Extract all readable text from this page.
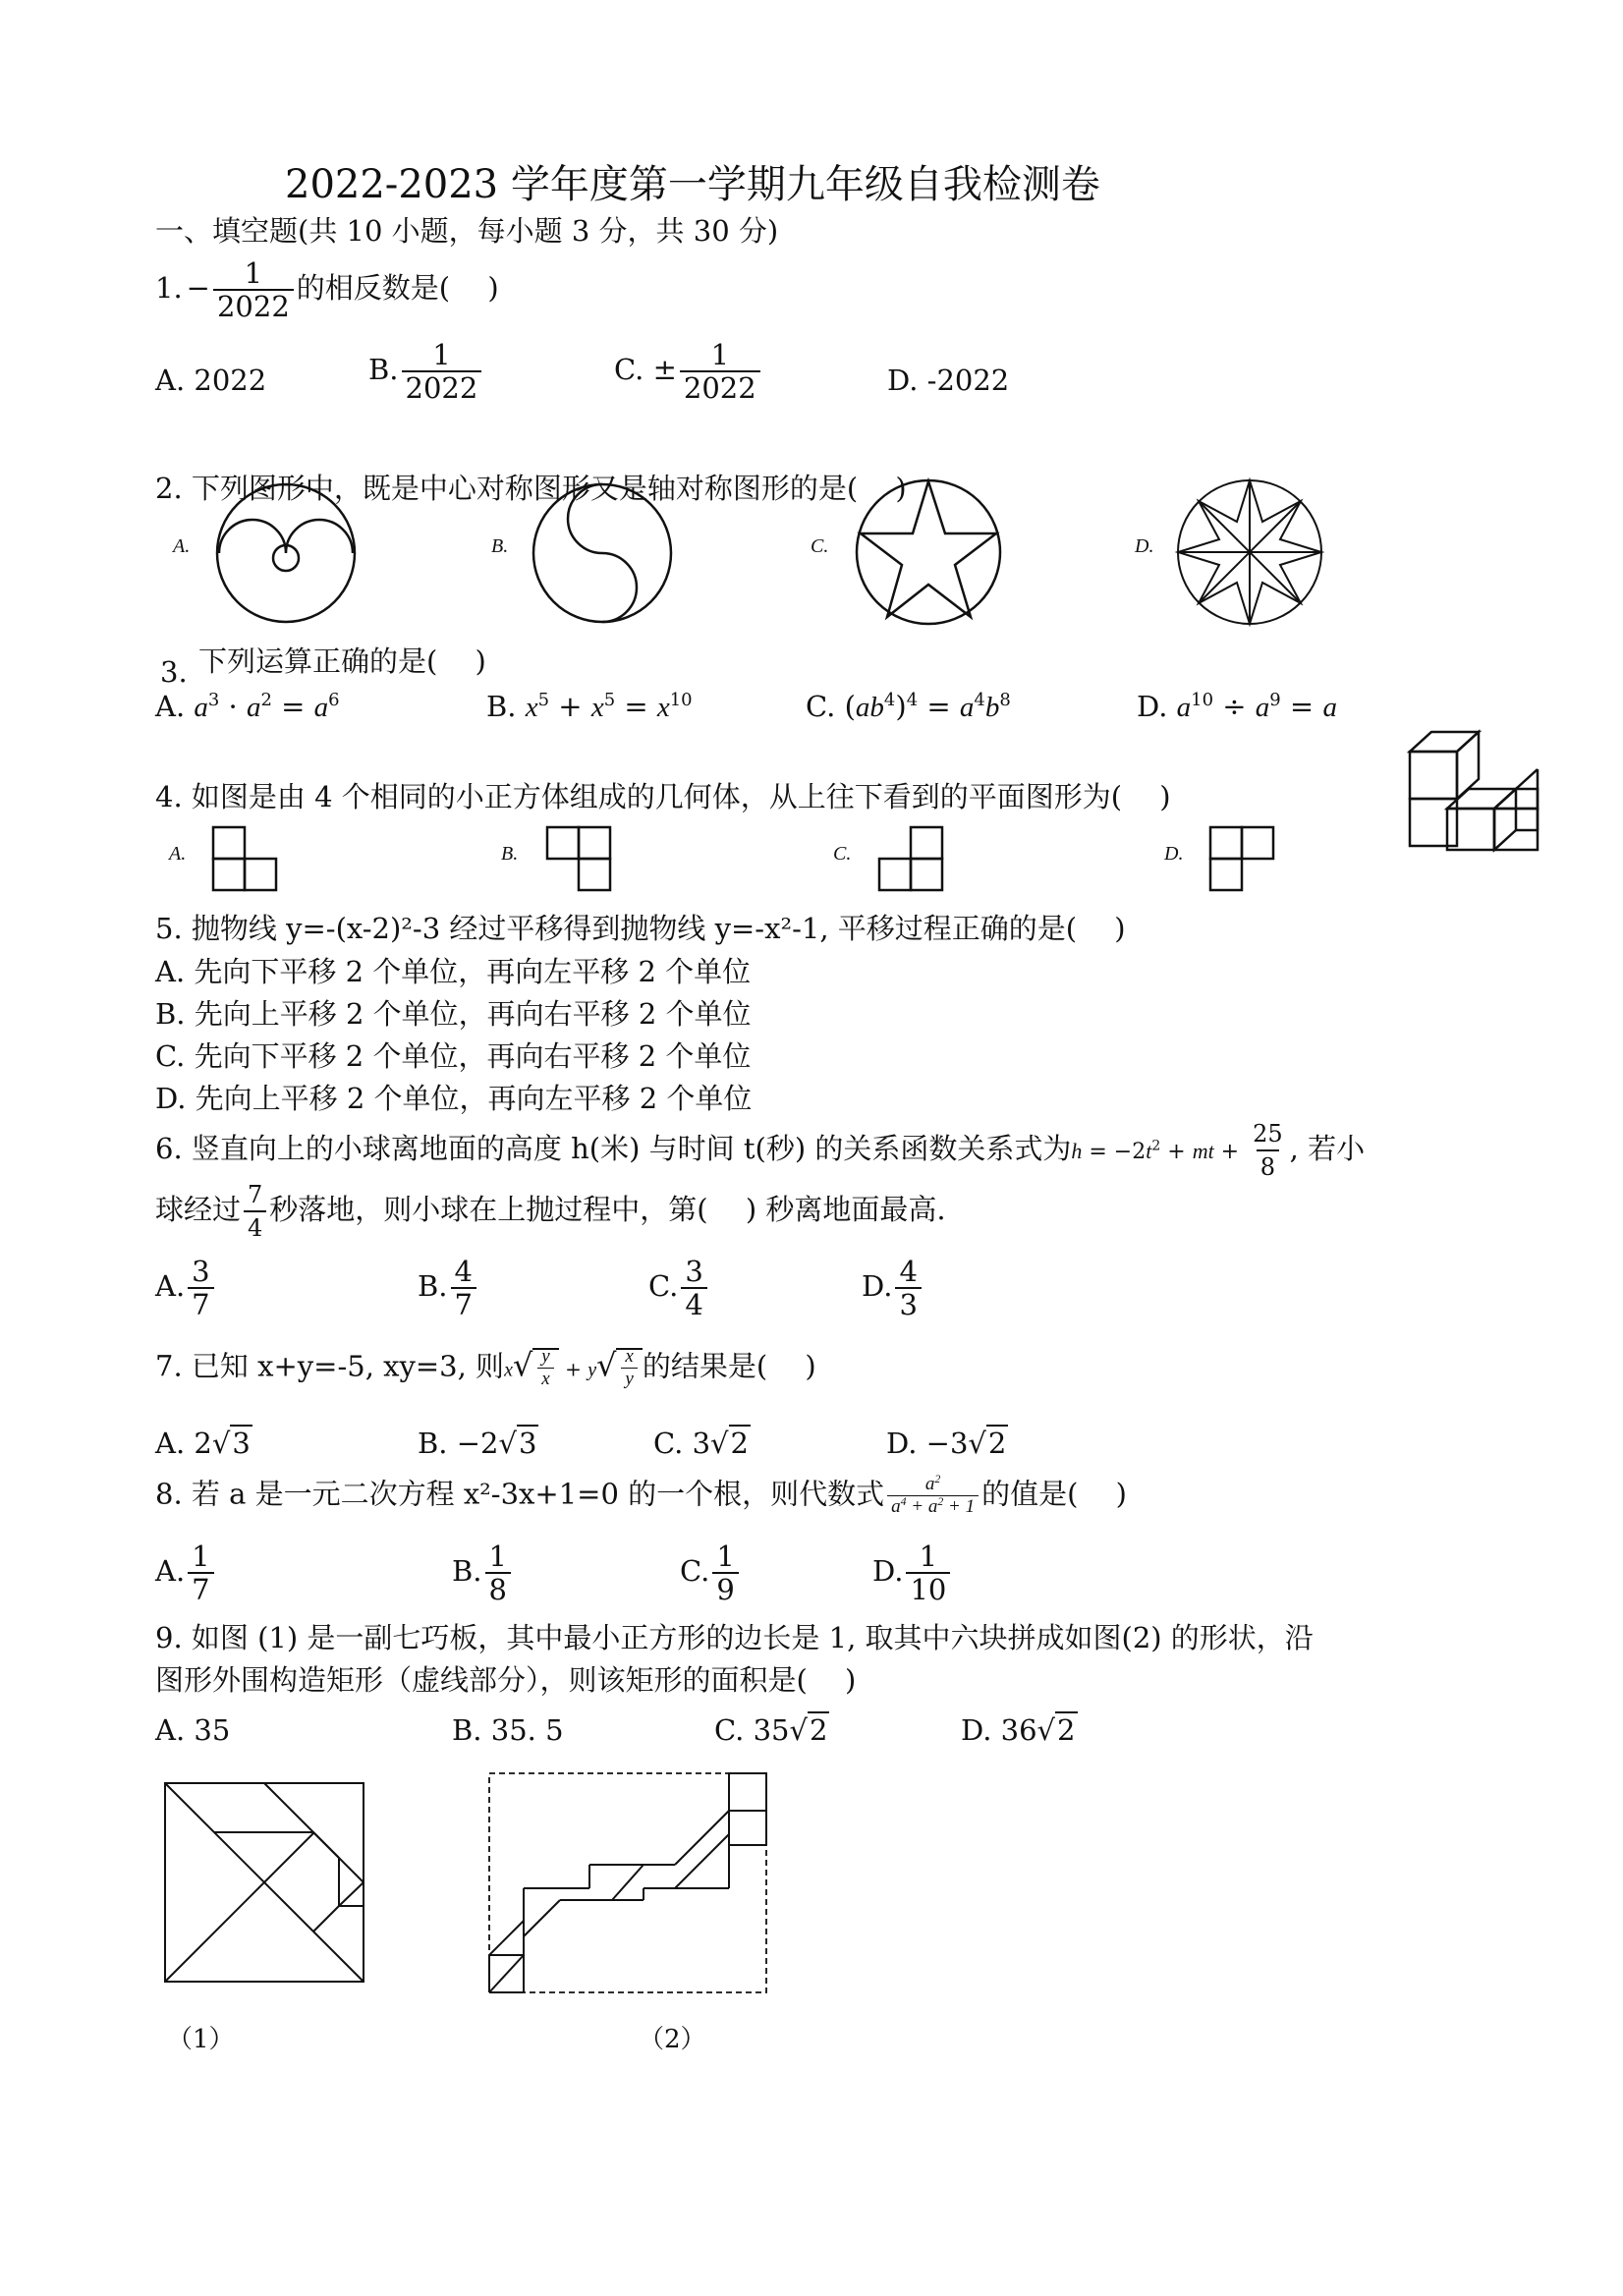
2022-2023 学年度第一学期九年级自我检测卷
一、填空题(共 10 小题，每小题 3 分，共 30 分)
1. − $\frac{1}{2022}$ 的相反数是(　 )
A. 2022	B. $\frac{1}{2022}$	C. ± $\frac{1}{2022}$	D. -2022
2. 下列图形中，既是中心对称图形又是轴对称图形的是(　 )
A.	B.	C.	D.
3. 下列运算正确的是(　 )
A. $a^3 \cdot a^2 = a^6$	B. $x^5 + x^5 = x^{10}$	C. $(ab^4)^4 = a^4b^8$	D. $a^{10} \div a^9 = a$
4. 如图是由 4 个相同的小正方体组成的几何体，从上往下看到的平面图形为(　 )
A.	B.	C.	D.
5. 抛物线 y=-(x-2)²-3 经过平移得到抛物线 y=-x²-1, 平移过程正确的是(　 )
A. 先向下平移 2 个单位，再向左平移 2 个单位
B. 先向上平移 2 个单位，再向右平移 2 个单位
C. 先向下平移 2 个单位，再向右平移 2 个单位
D. 先向上平移 2 个单位，再向左平移 2 个单位
6. 竖直向上的小球离地面的高度 h(米) 与时间 t(秒) 的关系函数关系式为$h = -2t^2$ + mt + $\frac{25}{8}$ , 若小
球经过 $\frac{7}{4}$ 秒落地，则小球在上抛过程中，第(　 ) 秒离地面最高.
A. $\frac{3}{7}$	B. $\frac{4}{7}$	C. $\frac{3}{4}$	D. $\frac{4}{3}$
7. 已知 x+y=-5, xy=3, 则$x√ \frac{y}{x} + y√ \frac{x}{y}$ 的结果是(　 )
A. 2√3	B. −2√3	C. 3√2	D. −3√2
8. 若 a 是一元二次方程 x²-3x+1=0 的一个根，则代数式 $\frac{a^2}{a^4 + a^2 + 1}$ 的值是(　 )
A. $\frac{1}{7}$	B. $\frac{1}{8}$	C. $\frac{1}{9}$	D. $\frac{1}{10}$
9. 如图 (1) 是一副七巧板，其中最小正方形的边长是 1, 取其中六块拼成如图(2) 的形状，沿
图形外围构造矩形（虚线部分），则该矩形的面积是(　 )
A. 35	B. 35. 5	C. 35√2	D. 36√2
（1）	（2）
